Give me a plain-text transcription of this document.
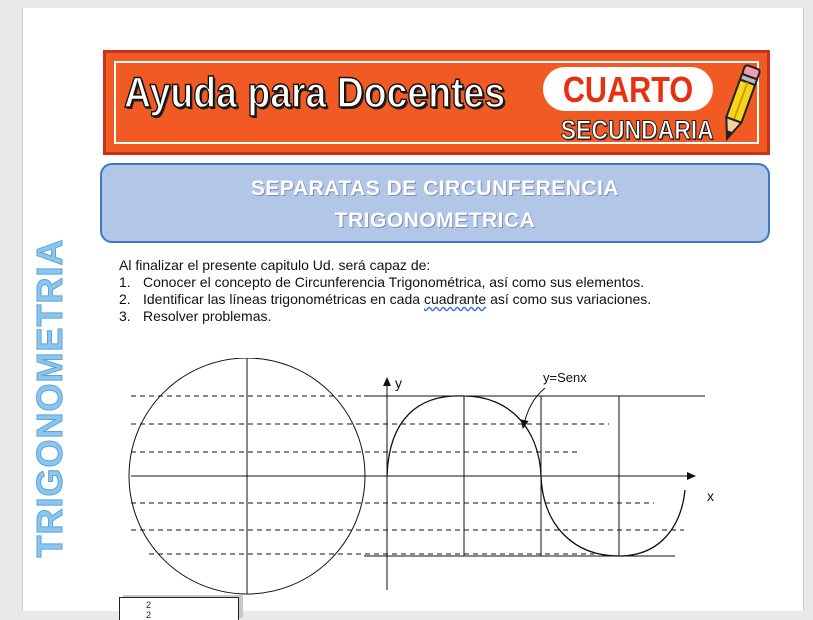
Ayuda para Docentes CUARTO
SECUNDARIA
TRIGONOMETRIA
SEPARATAS DE CIRCUNFERENCIA
TRIGONOMETRICA
Al finalizar el presente capitulo Ud. será capaz de:
1. Conocer el concepto de Circunferencia Trigonométrica, así como sus elementos.
2. Identificar las líneas trigonométricas en cada cuadrante así como sus variaciones.
3. Resolver problemas.
y
x
y=Senx
2 2
